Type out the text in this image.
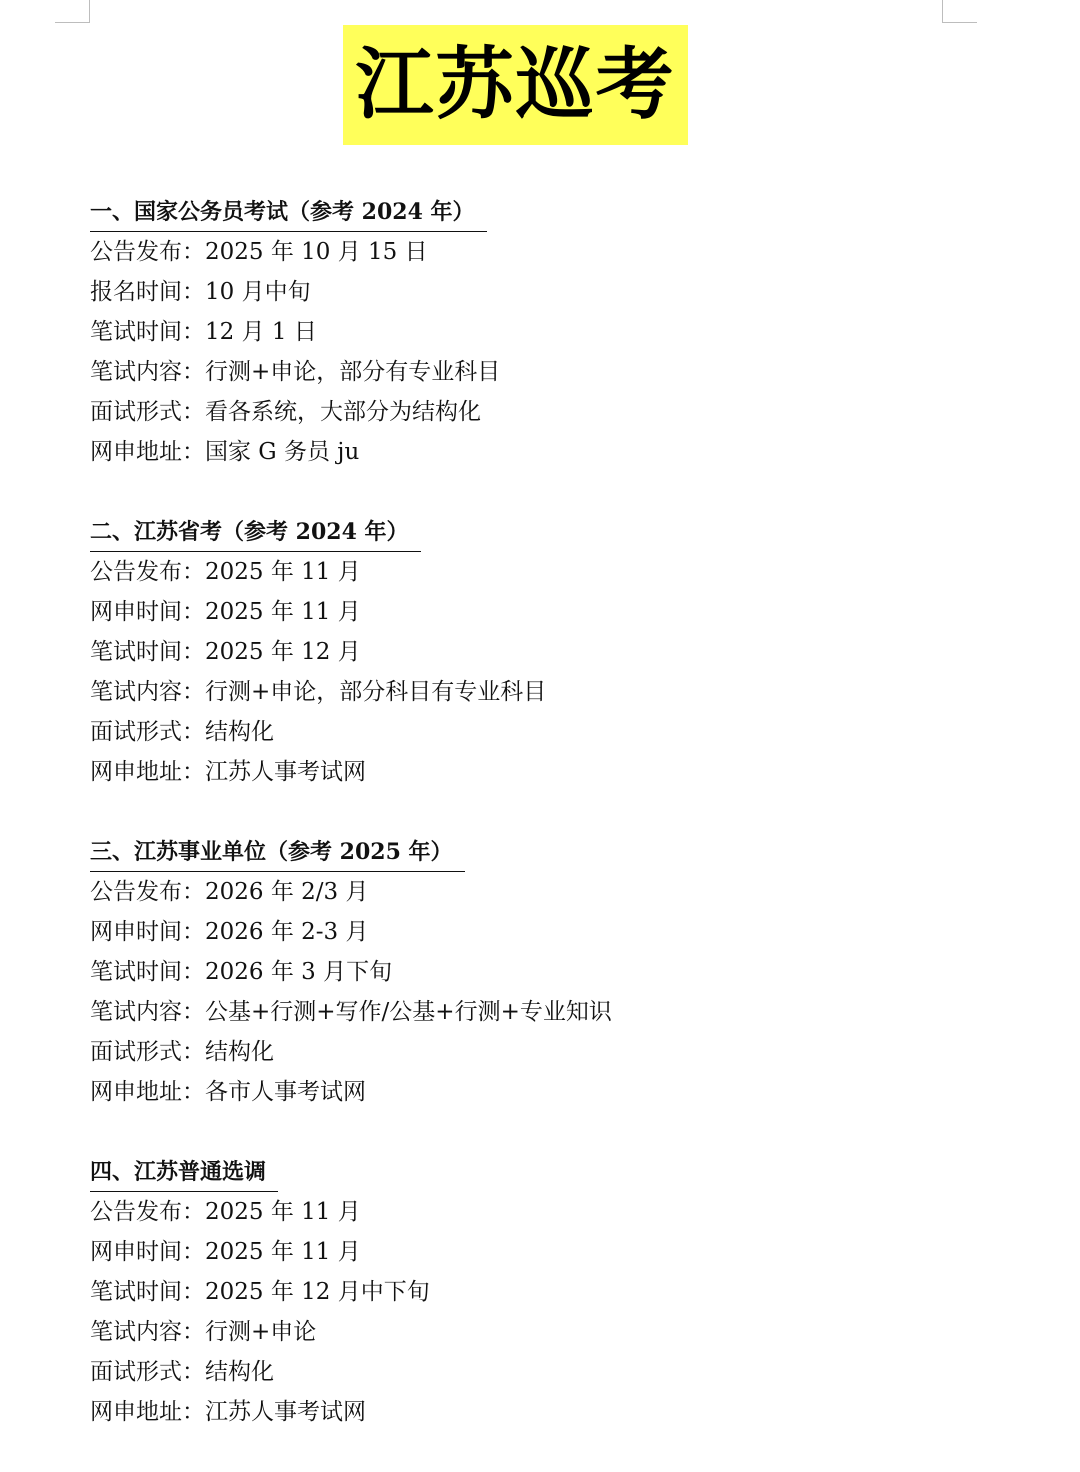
江苏巡考
一、国家公务员考试（参考 2024 年）
公告发布：2025 年 10 月 15 日
报名时间：10 月中旬
笔试时间：12 月 1 日
笔试内容：行测+申论，部分有专业科目
面试形式：看各系统，大部分为结构化
网申地址：国家 G 务员 ju
二、江苏省考（参考 2024 年）
公告发布：2025 年 11 月
网申时间：2025 年 11 月
笔试时间：2025 年 12 月
笔试内容：行测+申论，部分科目有专业科目
面试形式：结构化
网申地址：江苏人事考试网
三、江苏事业单位（参考 2025 年）
公告发布：2026 年 2/3 月
网申时间：2026 年 2-3 月
笔试时间：2026 年 3 月下旬
笔试内容：公基+行测+写作/公基+行测+专业知识
面试形式：结构化
网申地址：各市人事考试网
四、江苏普通选调
公告发布：2025 年 11 月
网申时间：2025 年 11 月
笔试时间：2025 年 12 月中下旬
笔试内容：行测+申论
面试形式：结构化
网申地址：江苏人事考试网
